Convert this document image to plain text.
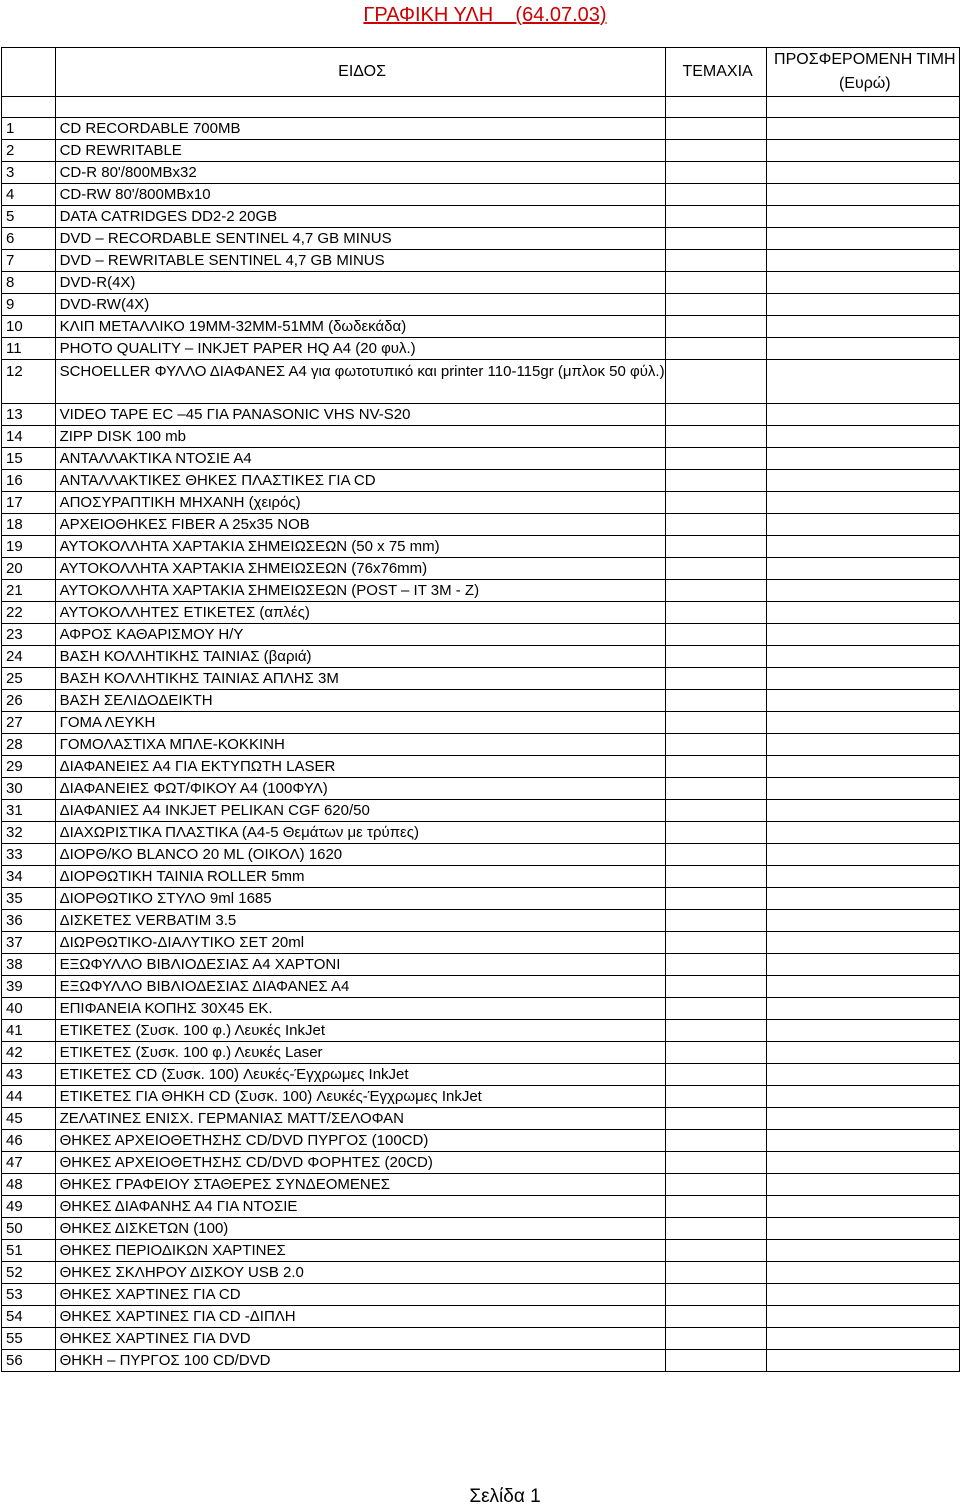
ΓΡΑΦΙΚΗ ΥΛΗ    (64.07.03)
	ΕΙΔΟΣ	ΤΕΜΑΧΙΑ	ΠΡΟΣΦΕΡΟΜΕΝΗ ΤΙΜΗ
(Ευρώ)

1	CD RECORDABLE 700MB		
2	CD REWRITABLE		
3	CD-R 80'/800MBx32		
4	CD-RW 80'/800MBx10		
5	DATA CATRIDGES DD2-2 20GB		
6	DVD – RECORDABLE SENTINEL 4,7 GB MINUS		
7	DVD – REWRITABLE SENTINEL 4,7 GB MINUS		
8	DVD-R(4X)		
9	DVD-RW(4X)		
10	ΚΛΙΠ ΜΕΤΑΛΛΙΚΟ 19ΜΜ-32ΜΜ-51ΜΜ (δωδεκάδα)		
11	PHOTO QUALITY – INKJET PAPER HQ A4 (20 φυλ.)		
12	SCHOELLER ΦΥΛΛΟ ΔΙΑΦΑΝΕΣ Α4 για φωτοτυπικό και printer 110-115gr (μπλοκ 50 φύλ.)		
13	VIDEO TAPE EC –45 ΓΙΑ PANASONIC VHS NV-S20		
14	ZIPP DISK 100 mb		
15	ΑΝΤΑΛΛΑΚΤΙΚΑ ΝΤΟΣΙΕ Α4		
16	ΑΝΤΑΛΛΑΚΤΙΚΕΣ ΘΗΚΕΣ ΠΛΑΣΤΙΚΕΣ ΓΙΑ CD		
17	ΑΠΟΣΥΡΑΠΤΙΚΗ ΜΗΧΑΝΗ (χειρός)		
18	ΑΡΧΕΙΟΘΗΚΕΣ FIBER A 25x35 NOB		
19	ΑΥΤΟΚΟΛΛΗΤΑ ΧΑΡΤΑΚΙΑ ΣΗΜΕΙΩΣΕΩΝ (50 x 75 mm)		
20	ΑΥΤΟΚΟΛΛΗΤΑ ΧΑΡΤΑΚΙΑ ΣΗΜΕΙΩΣΕΩΝ (76x76mm)		
21	ΑΥΤΟΚΟΛΛΗΤΑ ΧΑΡΤΑΚΙΑ ΣΗΜΕΙΩΣΕΩΝ (POST – IT 3M - Z)		
22	ΑΥΤΟΚΟΛΛΗΤΕΣ ΕΤΙΚΕΤΕΣ (απλές)		
23	ΑΦΡΟΣ ΚΑΘΑΡΙΣΜΟΥ Η/Υ		
24	ΒΑΣΗ ΚΟΛΛΗΤΙΚΗΣ ΤΑΙΝΙΑΣ (βαριά)		
25	ΒΑΣΗ ΚΟΛΛΗΤΙΚΗΣ ΤΑΙΝΙΑΣ ΑΠΛΗΣ 3M		
26	ΒΑΣΗ ΣΕΛΙΔΟΔΕΙΚΤΗ		
27	ΓΟΜΑ ΛΕΥΚΗ		
28	ΓΟΜΟΛΑΣΤΙΧΑ ΜΠΛΕ-ΚΟΚΚΙΝΗ		
29	ΔΙΑΦΑΝΕΙΕΣ Α4 ΓΙΑ ΕΚΤΥΠΩΤΗ LASER		
30	ΔΙΑΦΑΝΕΙΕΣ ΦΩΤ/ΦΙΚΟΥ Α4 (100ΦΥΛ)		
31	ΔΙΑΦΑΝΙΕΣ Α4 INKJET PELIKAN CGF 620/50		
32	ΔΙΑΧΩΡΙΣΤΙΚΑ ΠΛΑΣΤΙΚΑ (Α4-5 Θεμάτων με τρύπες)		
33	ΔΙΟΡΘ/ΚΟ BLANCO 20 ML (ΟΙΚΟΛ) 1620		
34	ΔΙΟΡΘΩΤΙΚΗ ΤΑΙΝΙΑ ROLLER 5mm		
35	ΔΙΟΡΘΩΤΙΚΟ ΣΤΥΛΟ 9ml 1685		
36	ΔΙΣΚΕΤΕΣ VERBATIM 3.5		
37	ΔΙΩΡΘΩΤΙΚΟ-ΔΙΑΛΥΤΙΚΟ ΣΕΤ 20ml		
38	ΕΞΩΦΥΛΛΟ ΒΙΒΛΙΟΔΕΣΙΑΣ Α4 ΧΑΡΤΟΝΙ		
39	ΕΞΩΦΥΛΛΟ ΒΙΒΛΙΟΔΕΣΙΑΣ ΔΙΑΦΑΝΕΣ Α4		
40	ΕΠΙΦΑΝΕΙΑ ΚΟΠΗΣ 30Χ45 ΕΚ.		
41	ΕΤΙΚΕΤΕΣ (Συσκ. 100 φ.) Λευκές InkJet		
42	ΕΤΙΚΕΤΕΣ (Συσκ. 100 φ.) Λευκές Laser		
43	ΕΤΙΚΕΤΕΣ CD (Συσκ. 100) Λευκές-Έγχρωμες InkJet		
44	ΕΤΙΚΕΤΕΣ ΓΙΑ ΘΗΚΗ CD (Συσκ. 100) Λευκές-Έγχρωμες InkJet		
45	ΖΕΛΑΤΙΝΕΣ ΕΝΙΣΧ. ΓΕΡΜΑΝΙΑΣ ΜΑΤΤ/ΣΕΛΟΦΑΝ		
46	ΘΗΚΕΣ ΑΡΧΕΙΟΘΕΤΗΣΗΣ CD/DVD ΠΥΡΓΟΣ (100CD)		
47	ΘΗΚΕΣ ΑΡΧΕΙΟΘΕΤΗΣΗΣ CD/DVD ΦΟΡΗΤΕΣ (20CD)		
48	ΘΗΚΕΣ ΓΡΑΦΕΙΟΥ ΣΤΑΘΕΡΕΣ ΣΥΝΔΕΟΜΕΝΕΣ		
49	ΘΗΚΕΣ ΔΙΑΦΑΝΗΣ Α4 ΓΙΑ ΝΤΟΣΙΕ		
50	ΘΗΚΕΣ ΔΙΣΚΕΤΩΝ (100)		
51	ΘΗΚΕΣ ΠΕΡΙΟΔΙΚΩΝ ΧΑΡΤΙΝΕΣ		
52	ΘΗΚΕΣ ΣΚΛΗΡΟΥ ΔΙΣΚΟΥ USB 2.0		
53	ΘΗΚΕΣ ΧΑΡΤΙΝΕΣ ΓΙΑ CD		
54	ΘΗΚΕΣ ΧΑΡΤΙΝΕΣ ΓΙΑ CD -ΔΙΠΛΗ		
55	ΘΗΚΕΣ ΧΑΡΤΙΝΕΣ ΓΙΑ DVD		
56	ΘΗΚΗ – ΠΥΡΓΟΣ 100 CD/DVD		
Σελίδα 1
